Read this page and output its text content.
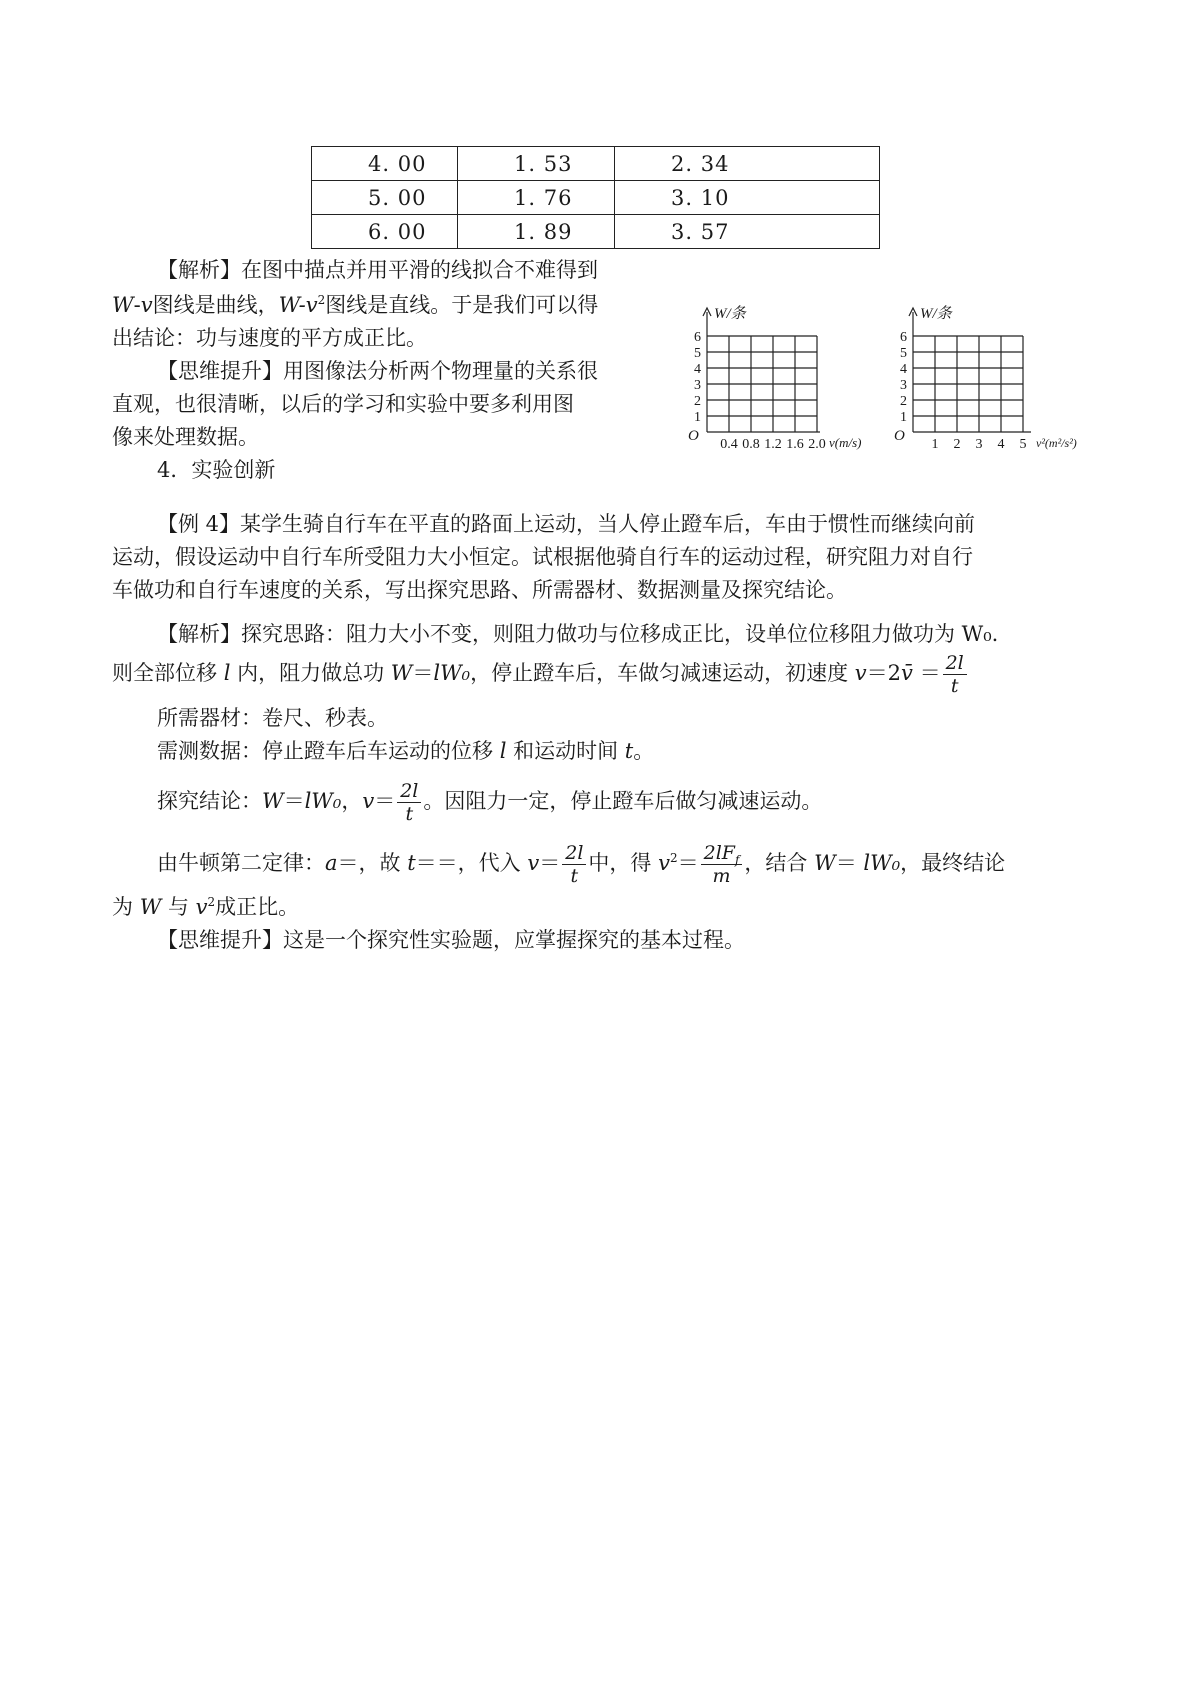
4. 00	1. 53	2. 34
5. 00	1. 76	3. 10
6. 00	1. 89	3. 57
【解析】在图中描点并用平滑的线拟合不难得到
W-v图线是曲线，$W-v^2$图线是直线。于是我们可以得
出结论：功与速度的平方成正比。
【思维提升】用图像法分析两个物理量的关系很
直观，也很清晰，以后的学习和实验中要多利用图
像来处理数据。
W/条
O
1
2
3
4
5
6
0.4 0.8 1.2 1.6 2.0 v(m/s)
W/条
O
1
2
3
4
5
6
1 2 3 4 5 v²(m²/s²)
4．实验创新
【例 4】某学生骑自行车在平直的路面上运动，当人停止蹬车后，车由于惯性而继续向前
运动，假设运动中自行车所受阻力大小恒定。试根据他骑自行车的运动过程，研究阻力对自行
车做功和自行车速度的关系，写出探究思路、所需器材、数据测量及探究结论。
【解析】探究思路：阻力大小不变，则阻力做功与位移成正比，设单位位移阻力做功为 W₀.
则全部位移 l 内，阻力做总功 W＝lW₀，停止蹬车后，车做匀减速运动，初速度 v＝2v̄ ＝ $\frac{2l}{t}$
所需器材：卷尺、秒表。
需测数据：停止蹬车后车运动的位移 l 和运动时间 t。
探究结论：W＝lW₀，$v= \frac{2l}{t}$ 。因阻力一定，停止蹬车后做匀减速运动。
由牛顿第二定律：a＝，故 t＝＝，代入 $v= \frac{2l}{t}$ 中，得 $v^2= \frac{2lF_f}{m}$ ，结合 W＝ lW₀，最终结论
为 W 与 $v^2$成正比。
【思维提升】这是一个探究性实验题，应掌握探究的基本过程。
